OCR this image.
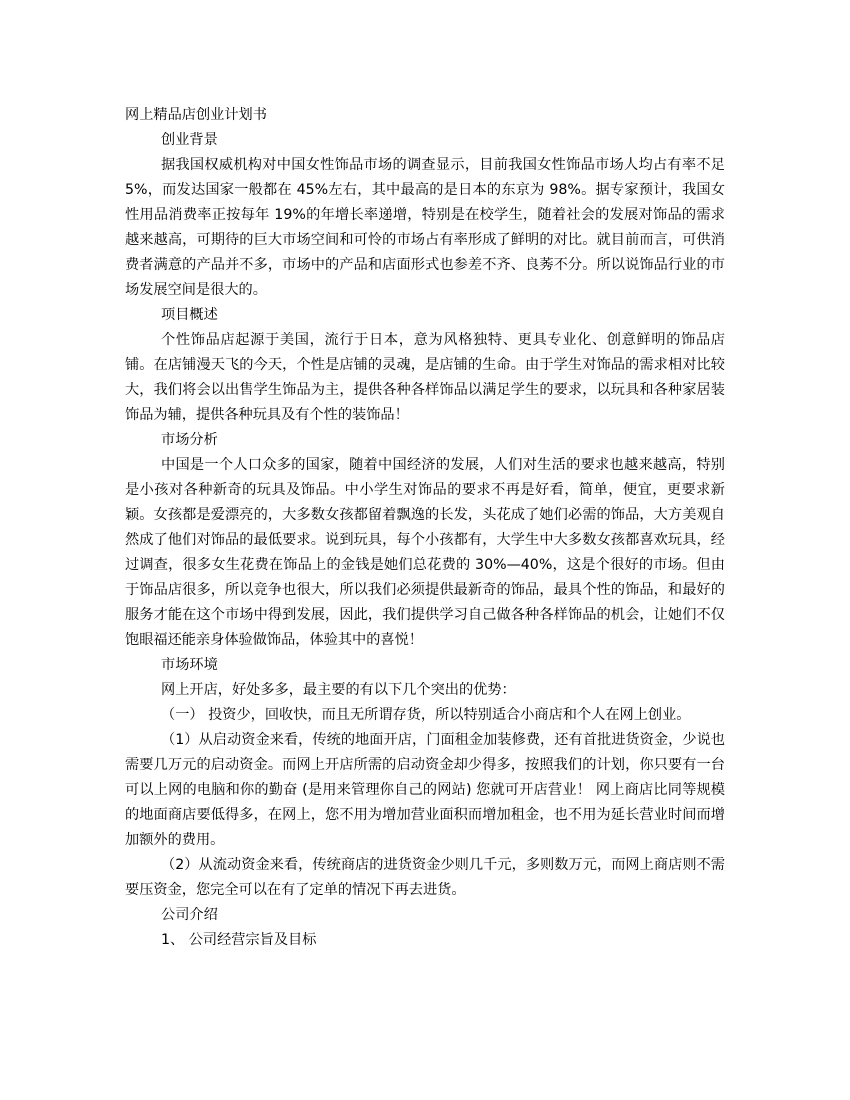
网上精品店创业计划书
创业背景
据我国权威机构对中国女性饰品市场的调查显示，目前我国女性饰品市场人均占有率不足 5%，而发达国家一般都在 45%左右，其中最高的是日本的东京为 98%。据专家预计，我国女性用品消费率正按每年 19%的年增长率递增，特别是在校学生，随着社会的发展对饰品的需求越来越高，可期待的巨大市场空间和可怜的市场占有率形成了鲜明的对比。就目前而言，可供消费者满意的产品并不多，市场中的产品和店面形式也参差不齐、良莠不分。所以说饰品行业的市场发展空间是很大的。
项目概述
个性饰品店起源于美国，流行于日本，意为风格独特、更具专业化、创意鲜明的饰品店铺。在店铺漫天飞的今天，个性是店铺的灵魂，是店铺的生命。由于学生对饰品的需求相对比较大，我们将会以出售学生饰品为主，提供各种各样饰品以满足学生的要求，以玩具和各种家居装饰品为辅，提供各种玩具及有个性的装饰品！
市场分析
中国是一个人口众多的国家，随着中国经济的发展，人们对生活的要求也越来越高，特别是小孩对各种新奇的玩具及饰品。中小学生对饰品的要求不再是好看，简单，便宜，更要求新颖。女孩都是爱漂亮的，大多数女孩都留着飘逸的长发，头花成了她们必需的饰品，大方美观自然成了他们对饰品的最低要求。说到玩具，每个小孩都有，大学生中大多数女孩都喜欢玩具，经过调查，很多女生花费在饰品上的金钱是她们总花费的 30%—40%，这是个很好的市场。但由于饰品店很多，所以竞争也很大，所以我们必须提供最新奇的饰品，最具个性的饰品，和最好的服务才能在这个市场中得到发展，因此，我们提供学习自己做各种各样饰品的机会，让她们不仅饱眼福还能亲身体验做饰品，体验其中的喜悦！
市场环境
网上开店，好处多多，最主要的有以下几个突出的优势：
（一） 投资少，回收快，而且无所谓存货，所以特别适合小商店和个人在网上创业。
（1）从启动资金来看，传统的地面开店，门面租金加装修费，还有首批进货资金，少说也需要几万元的启动资金。而网上开店所需的启动资金却少得多，按照我们的计划，你只要有一台可以上网的电脑和你的勤奋 (是用来管理你自己的网站) 您就可开店营业！ 网上商店比同等规模的地面商店要低得多，在网上，您不用为增加营业面积而增加租金，也不用为延长营业时间而增加额外的费用。
（2）从流动资金来看，传统商店的进货资金少则几千元，多则数万元，而网上商店则不需要压资金，您完全可以在有了定单的情况下再去进货。
公司介绍
1、 公司经营宗旨及目标
